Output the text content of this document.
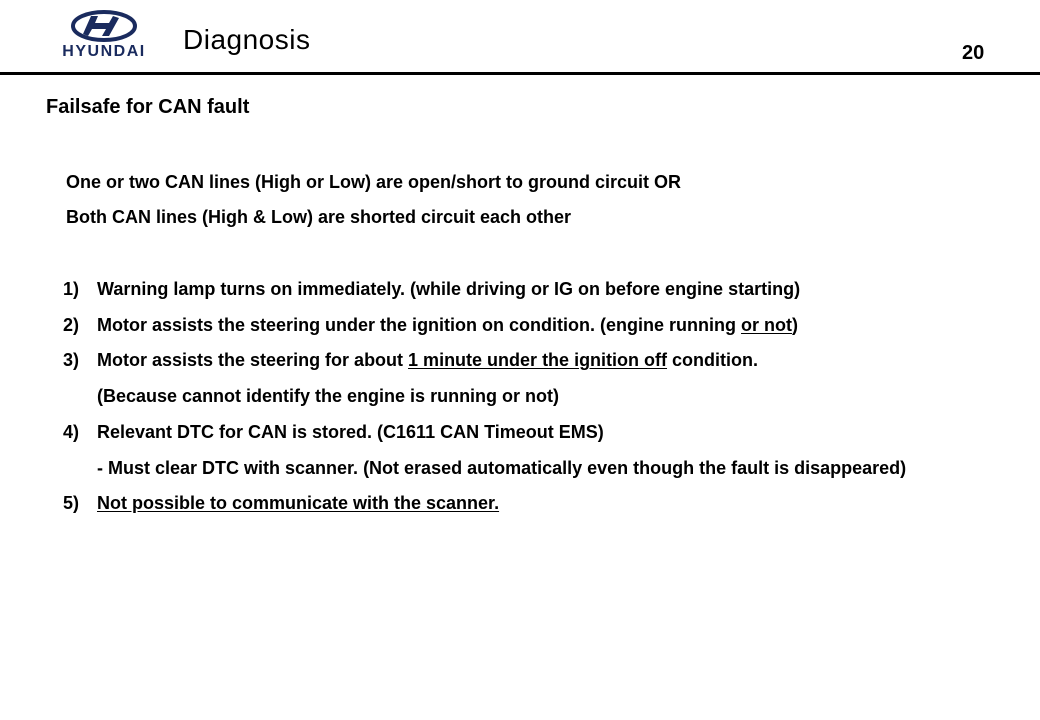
HYUNDAI Diagnosis	20
Failsafe for CAN fault
One or two CAN lines (High or Low) are open/short to ground circuit OR
Both CAN lines (High & Low) are shorted circuit each other
1) Warning lamp turns on immediately. (while driving or IG on before engine starting)
2) Motor assists the steering under the ignition on condition. (engine running or not)
3) Motor assists the steering for about 1 minute under the ignition off condition.
(Because cannot identify the engine is running or not)
4) Relevant DTC for CAN is stored. (C1611 CAN Timeout EMS)
- Must clear DTC with scanner. (Not erased automatically even though the fault is disappeared)
5) Not possible to communicate with the scanner.
